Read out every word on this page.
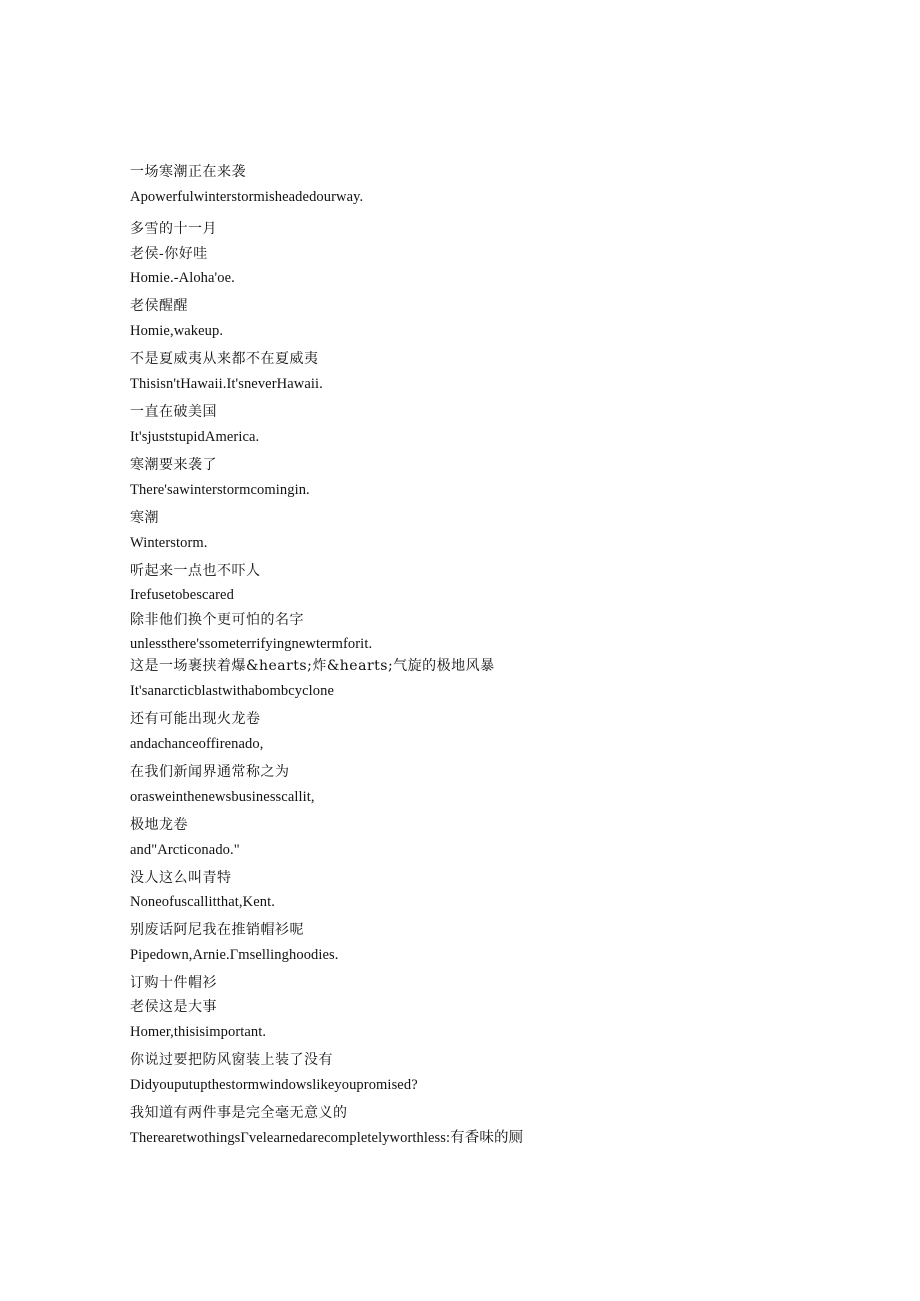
一场寒潮正在来袭
Apowerfulwinterstormisheadedourway.
多雪的十一月
老侯-你好哇
Homie.-Aloha'oe.
老侯醒醒
Homie,wakeup.
不是夏威夷从来都不在夏威夷
Thisisn'tHawaii.It'sneverHawaii.
一直在破美国
It'sjuststupidAmerica.
寒潮要来袭了
There'sawinterstormcomingin.
寒潮
Winterstorm.
听起来一点也不吓人
Irefusetobescared
除非他们换个更可怕的名字
unlessthere'ssometerrifyingnewtermforit.
这是一场裹挟着爆&hearts;炸&hearts;气旋的极地风暴
It'sanarcticblastwithabombcyclone
还有可能出现火龙卷
andachanceoffirenado,
在我们新闻界通常称之为
orasweinthenewsbusinesscallit,
极地龙卷
and"Arcticonado."
没人这么叫青特
Noneofuscallitthat,Kent.
别废话阿尼我在推销帽衫呢
Pipedown,Arnie.Γmsellinghoodies.
订购十件帽衫
老侯这是大事
Homer,thisisimportant.
你说过要把防风窗装上装了没有
Didyouputupthestormwindowslikeyoupromised?
我知道有两件事是完全毫无意义的
TherearetwothingsΓvelearnedarecompletelyworthless:有香味的厕
